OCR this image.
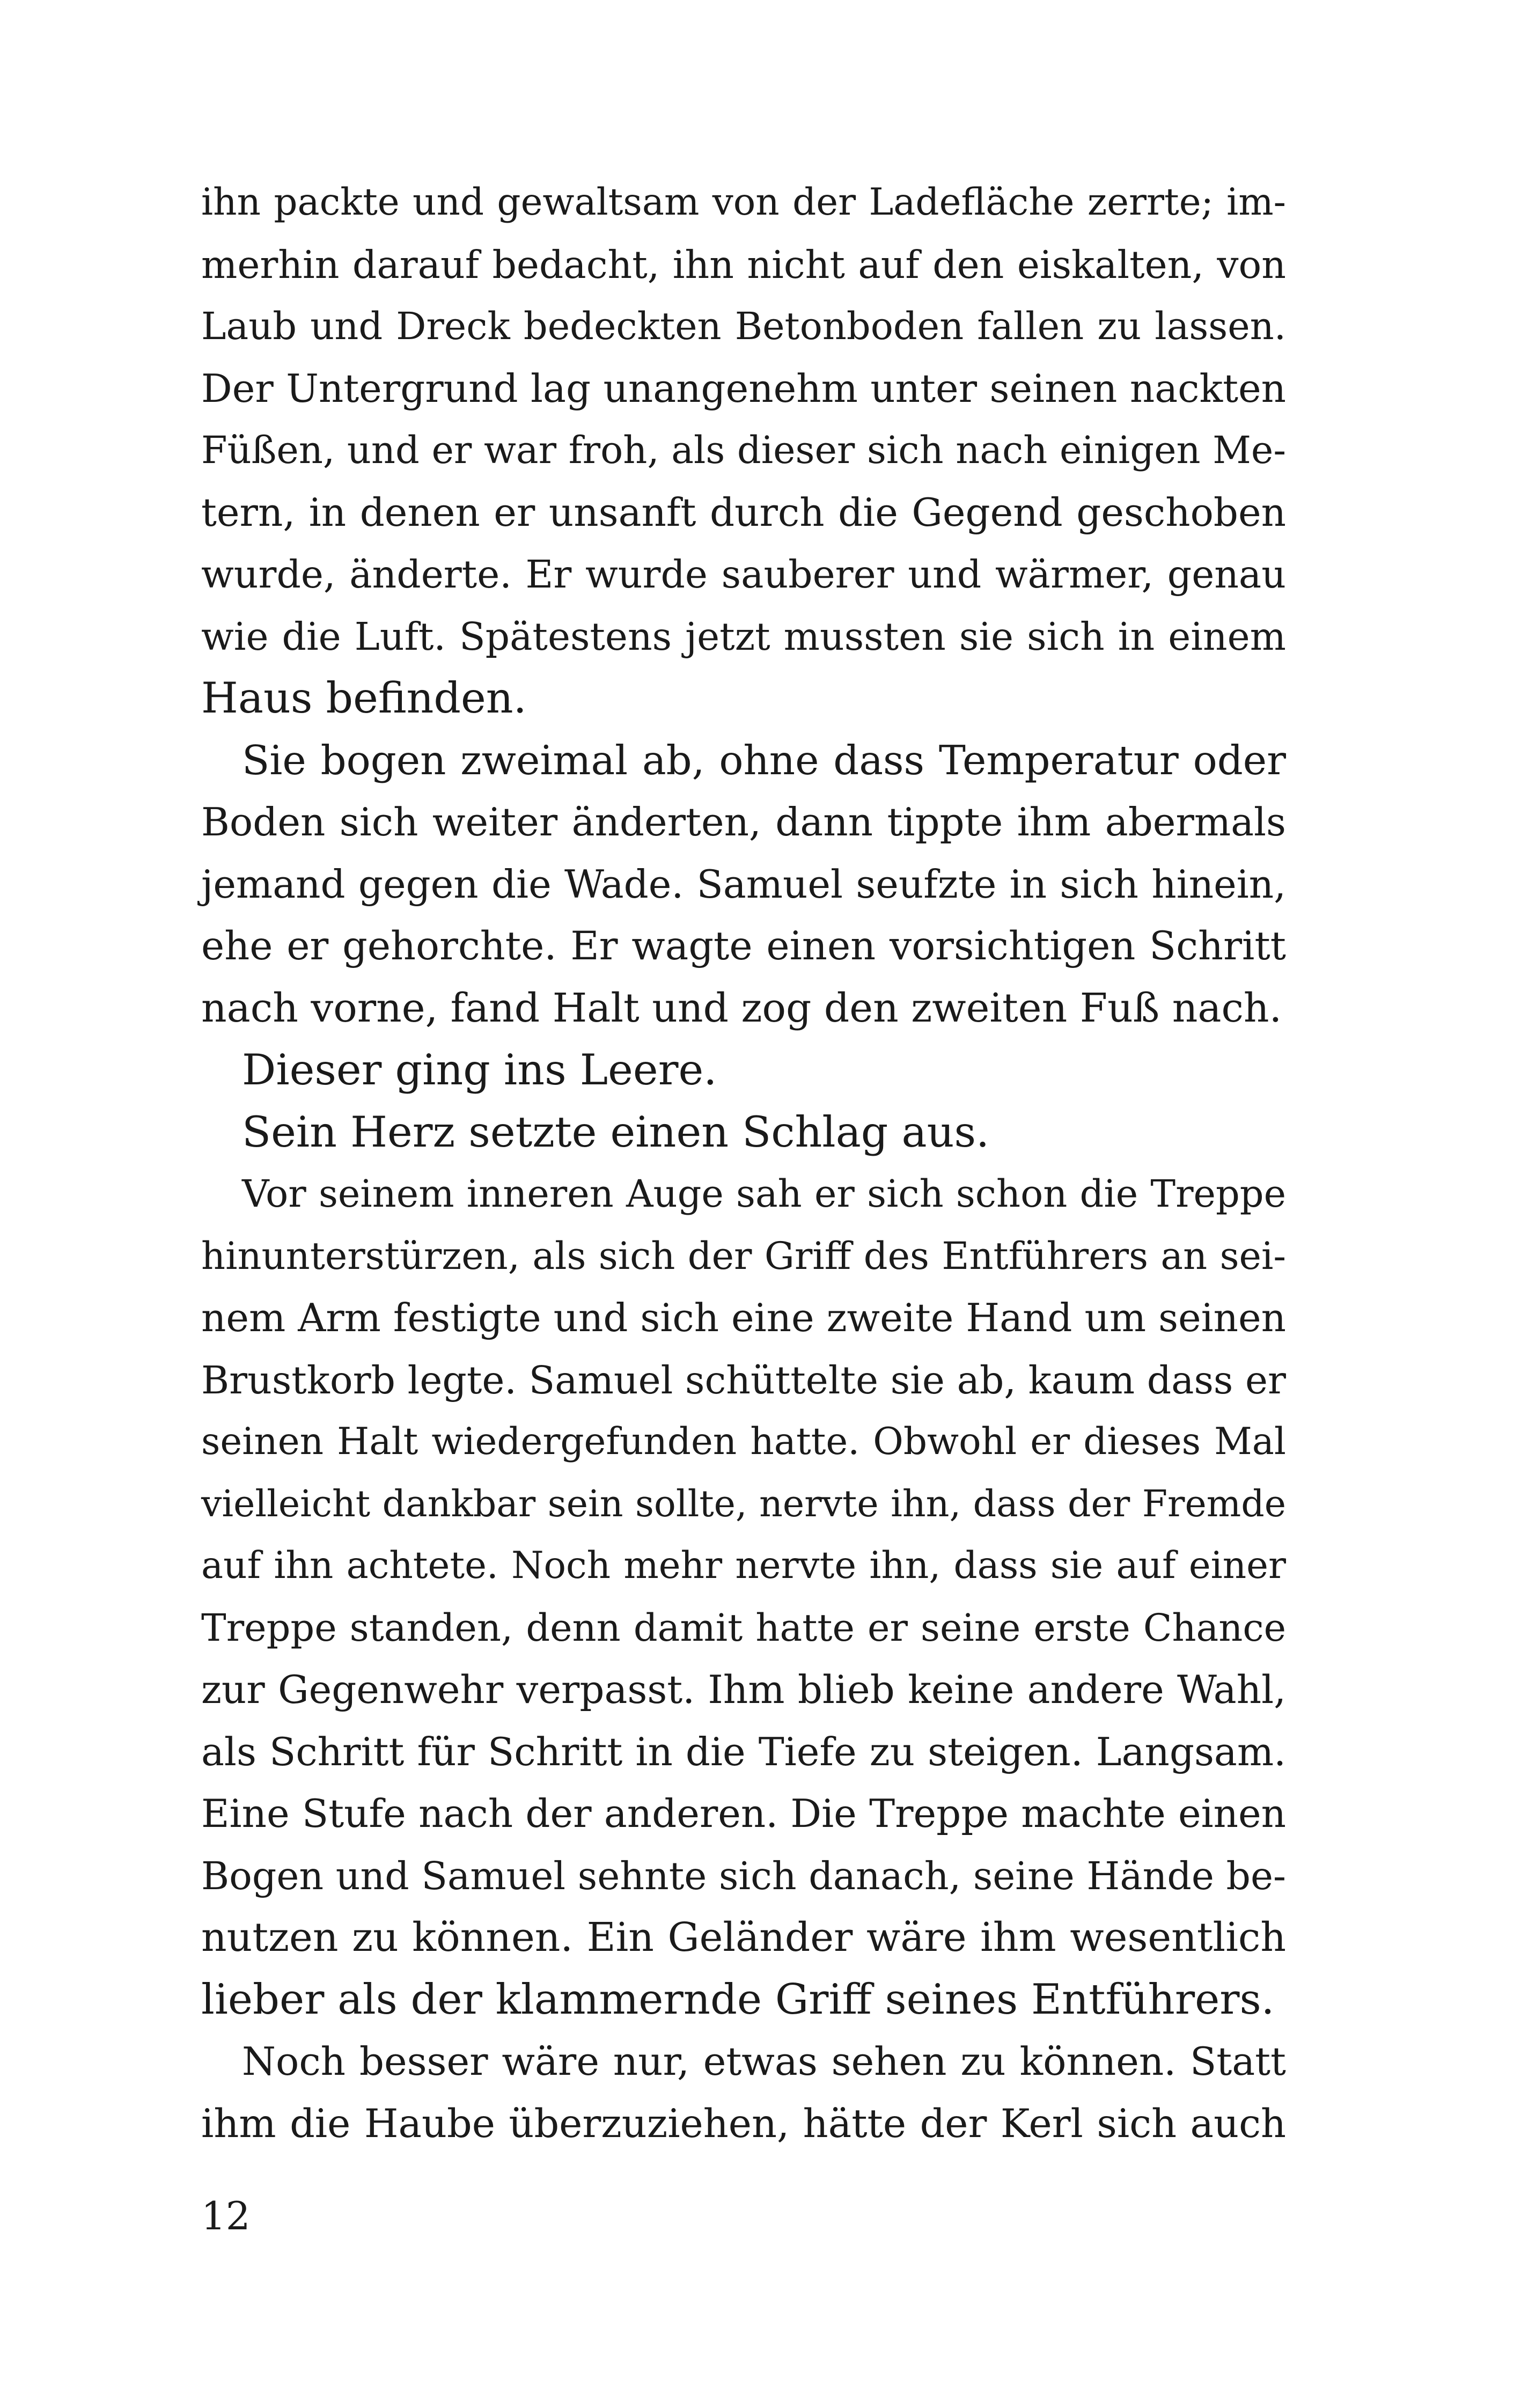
ihn packte und gewaltsam von der Ladefläche zerrte; im-
merhin darauf bedacht, ihn nicht auf den eiskalten, von
Laub und Dreck bedeckten Betonboden fallen zu lassen.
Der Untergrund lag unangenehm unter seinen nackten
Füßen, und er war froh, als dieser sich nach einigen Me-
tern, in denen er unsanft durch die Gegend geschoben
wurde, änderte. Er wurde sauberer und wärmer, genau
wie die Luft. Spätestens jetzt mussten sie sich in einem
Haus befinden.
Sie bogen zweimal ab, ohne dass Temperatur oder
Boden sich weiter änderten, dann tippte ihm abermals
jemand gegen die Wade. Samuel seufzte in sich hinein,
ehe er gehorchte. Er wagte einen vorsichtigen Schritt
nach vorne, fand Halt und zog den zweiten Fuß nach.
Dieser ging ins Leere.
Sein Herz setzte einen Schlag aus.
Vor seinem inneren Auge sah er sich schon die Treppe
hinunterstürzen, als sich der Griff des Entführers an sei-
nem Arm festigte und sich eine zweite Hand um seinen
Brustkorb legte. Samuel schüttelte sie ab, kaum dass er
seinen Halt wiedergefunden hatte. Obwohl er dieses Mal
vielleicht dankbar sein sollte, nervte ihn, dass der Fremde
auf ihn achtete. Noch mehr nervte ihn, dass sie auf einer
Treppe standen, denn damit hatte er seine erste Chance
zur Gegenwehr verpasst. Ihm blieb keine andere Wahl,
als Schritt für Schritt in die Tiefe zu steigen. Langsam.
Eine Stufe nach der anderen. Die Treppe machte einen
Bogen und Samuel sehnte sich danach, seine Hände be-
nutzen zu können. Ein Geländer wäre ihm wesentlich
lieber als der klammernde Griff seines Entführers.
Noch besser wäre nur, etwas sehen zu können. Statt
ihm die Haube überzuziehen, hätte der Kerl sich auch
12
